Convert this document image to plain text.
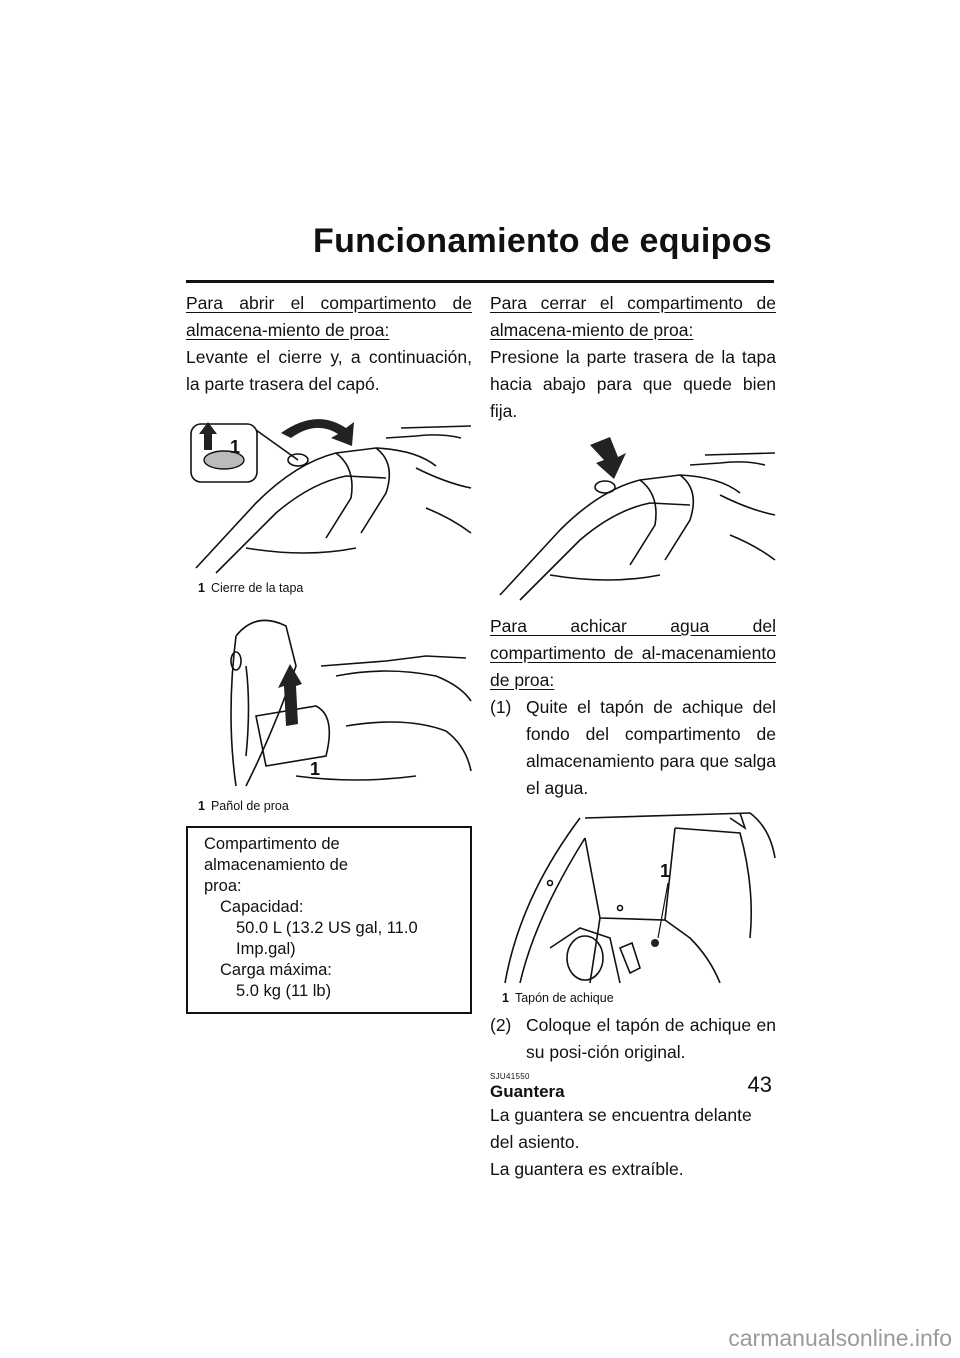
Funcionamiento de equipos
Para abrir el compartimento de almacena-miento de proa:
Levante el cierre y, a continuación, la parte trasera del capó.
1
1 Cierre de la tapa
1
1 Pañol de proa
Compartimento de almacenamiento de
proa:
Capacidad:
50.0 L (13.2 US gal, 11.0 Imp.gal)
Carga máxima:
5.0 kg (11 lb)
Para cerrar el compartimento de almacena-miento de proa:
Presione la parte trasera de la tapa hacia abajo para que quede bien fija.
Para achicar agua del compartimento de al-macenamiento de proa:
(1) Quite el tapón de achique del fondo del compartimento de almacenamiento para que salga el agua.
1
1 Tapón de achique
(2) Coloque el tapón de achique en su posi-ción original.
SJU41550
Guantera
La guantera se encuentra delante del asiento.
La guantera es extraíble.
43
carmanualsonline.info
